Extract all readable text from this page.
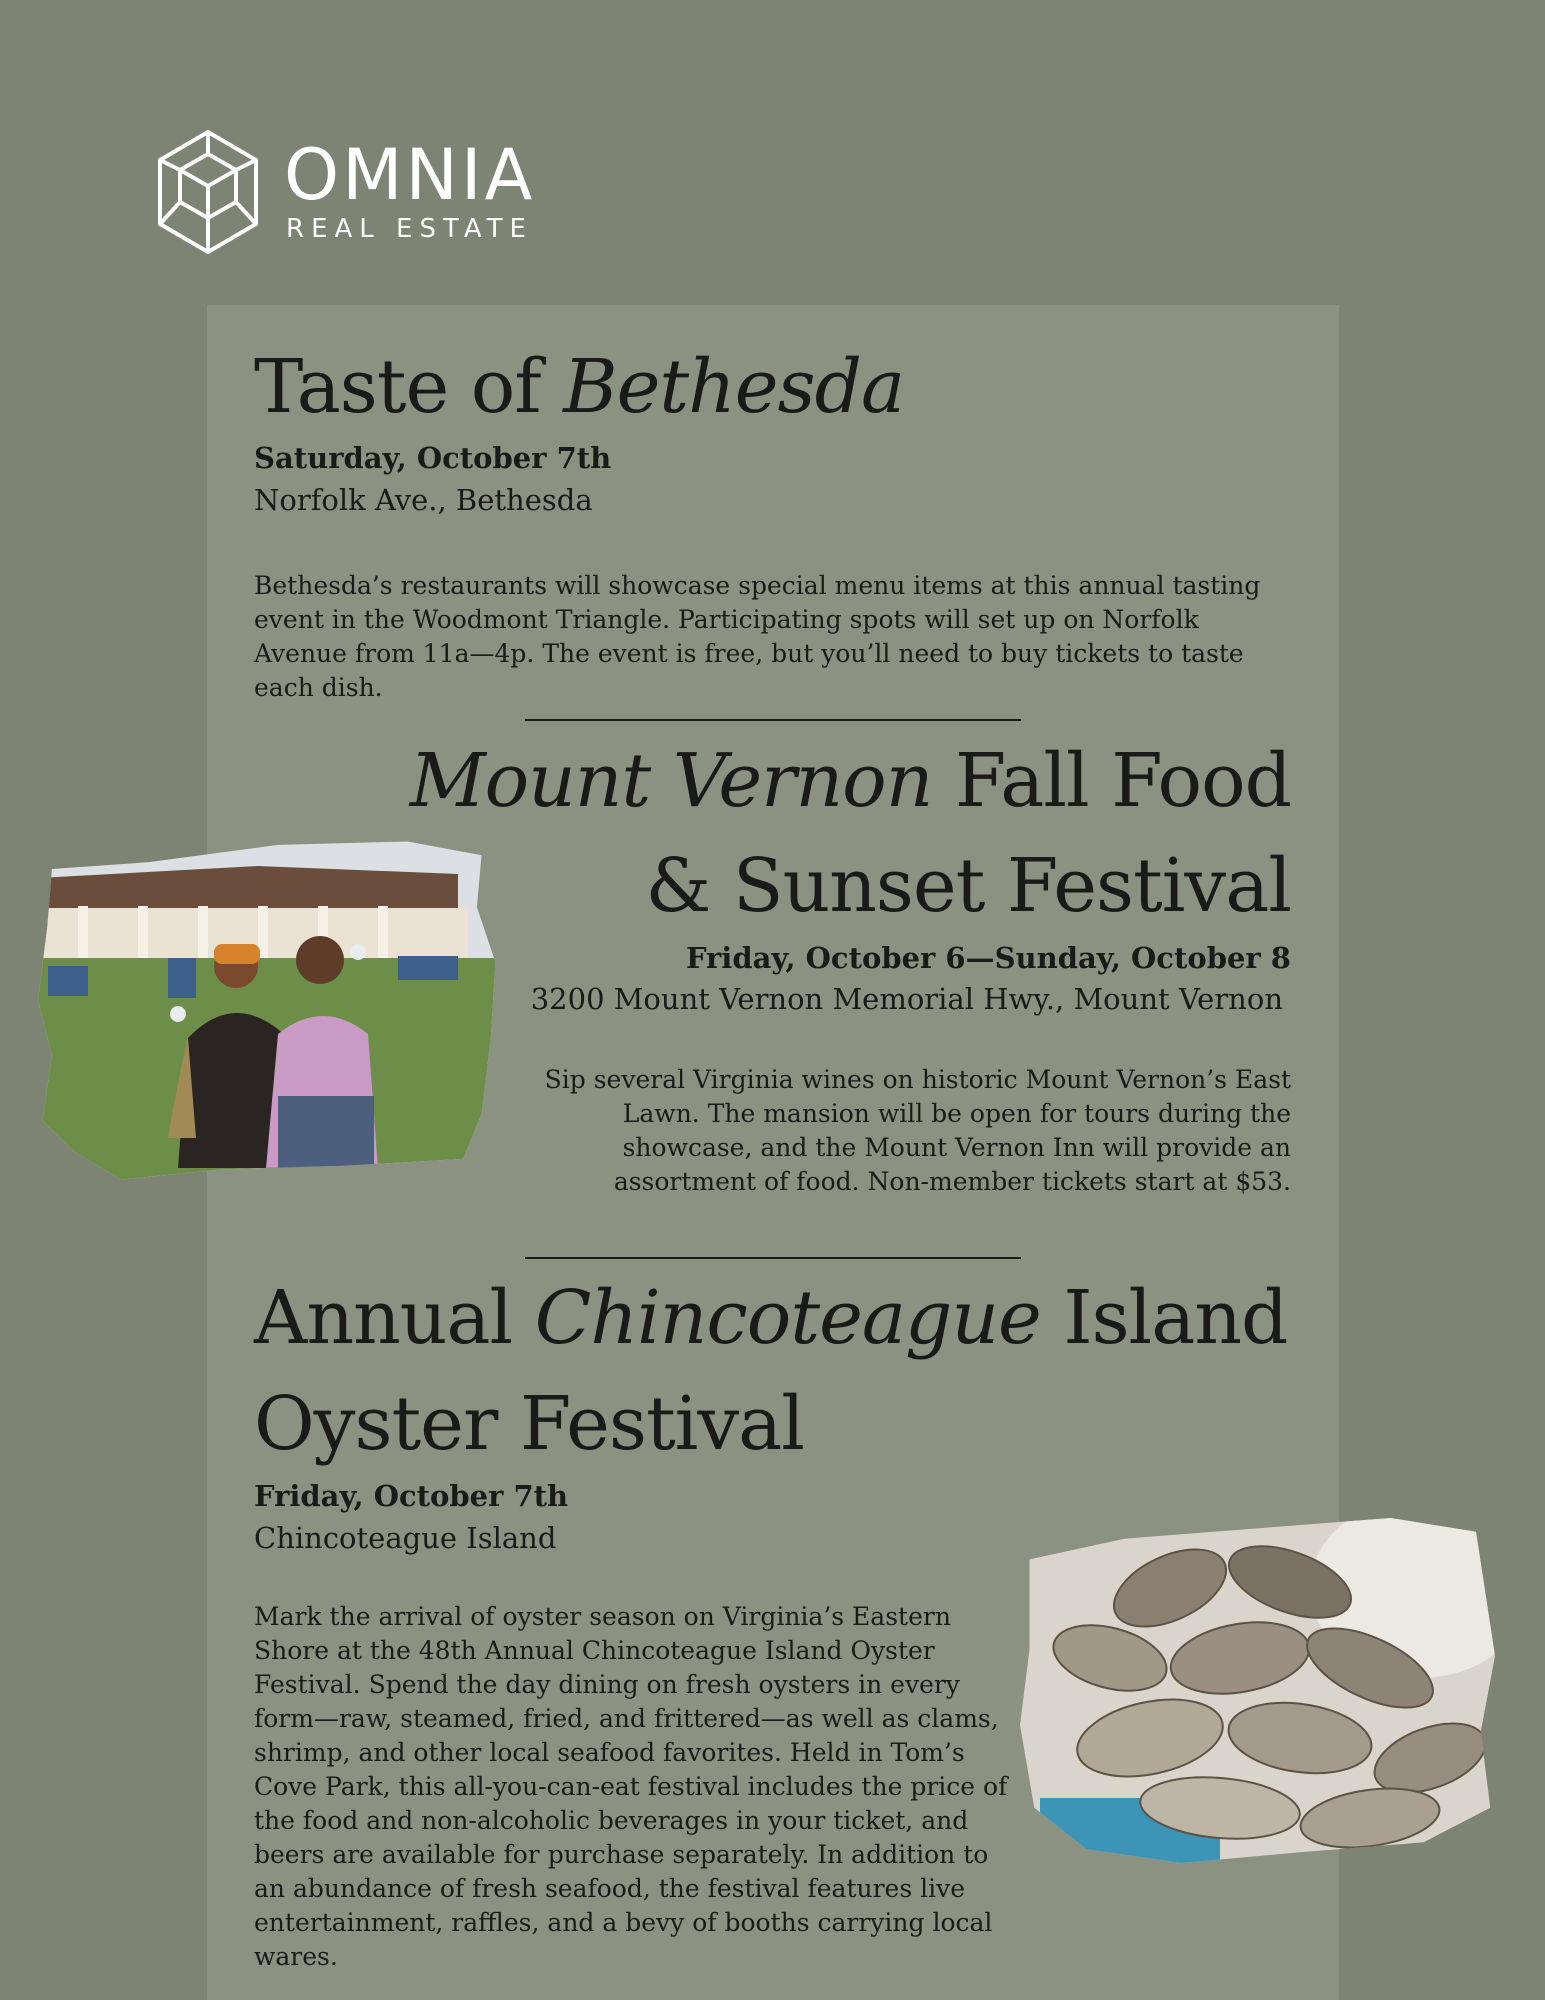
OMNIA
REAL ESTATE
Taste of Bethesda
Saturday, October 7th
Norfolk Ave., Bethesda

Bethesda’s restaurants will showcase special menu items at this annual tasting event in the Woodmont Triangle. Participating spots will set up on Norfolk Avenue from 11a—4p. The event is free, but you’ll need to buy tickets to taste each dish.

Mount Vernon Fall Food
& Sunset Festival
Friday, October 6—Sunday, October 8
3200 Mount Vernon Memorial Hwy., Mount Vernon

Sip several Virginia wines on historic Mount Vernon’s East Lawn. The mansion will be open for tours during the showcase, and the Mount Vernon Inn will provide an assortment of food. Non-member tickets start at $53.

Annual Chincoteague Island
Oyster Festival
Friday, October 7th
Chincoteague Island

Mark the arrival of oyster season on Virginia’s Eastern Shore at the 48th Annual Chincoteague Island Oyster Festival. Spend the day dining on fresh oysters in every form—raw, steamed, fried, and frittered—as well as clams, shrimp, and other local seafood favorites. Held in Tom’s Cove Park, this all-you-can-eat festival includes the price of the food and non-alcoholic beverages in your ticket, and beers are available for purchase separately. In addition to an abundance of fresh seafood, the festival features live entertainment, raffles, and a bevy of booths carrying local wares.
